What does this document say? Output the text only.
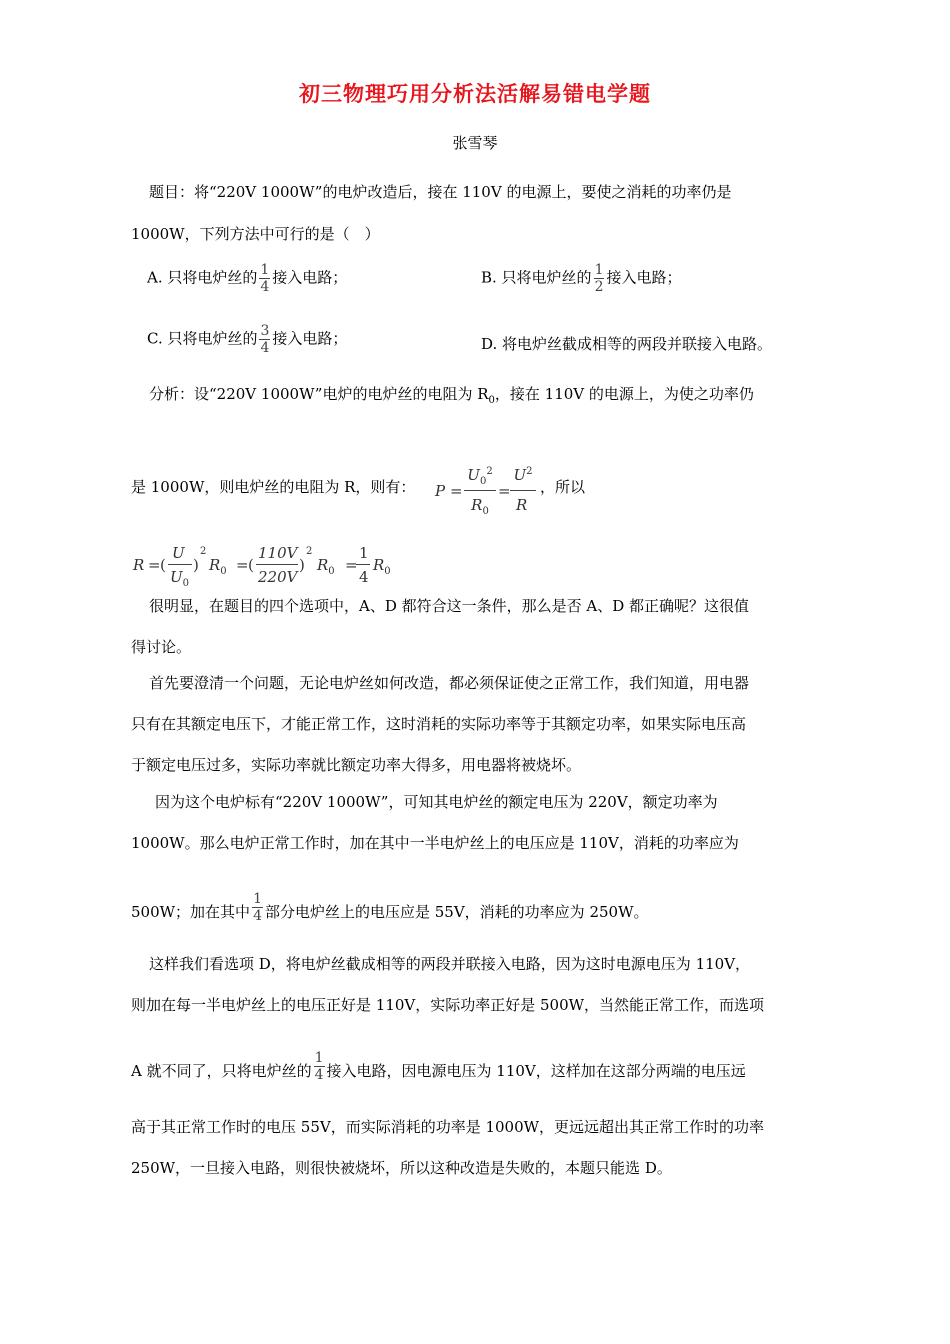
初三物理巧用分析法活解易错电学题
张雪琴
题目：将“220V 1000W”的电炉改造后，接在 110V 的电源上，要使之消耗的功率仍是
1000W，下列方法中可行的是（　）
A. 只将电炉丝的 $\frac{1}{4}$ 接入电路；	B. 只将电炉丝的 $\frac{1}{2}$ 接入电路；
C. 只将电炉丝的 $\frac{3}{4}$ 接入电路；	D. 将电炉丝截成相等的两段并联接入电路。
分析：设“220V 1000W”电炉的电炉丝的电阻为 $R_0$，接在 110V 的电源上，为使之功率仍
是 1000W，则电炉丝的电阻为 R，则有：	P =
$U_0^2$
$R_0$
=
$U^2$
R
，所以
R = (
U
$U_0$
)
2
$R_0$ = (
110V
220V
)
2
$R_0$ =
1
4
$R_0$
很明显，在题目的四个选项中，A、D 都符合这一条件，那么是否 A、D 都正确呢？这很值
得讨论。
首先要澄清一个问题，无论电炉丝如何改造，都必须保证使之正常工作，我们知道，用电器
只有在其额定电压下，才能正常工作，这时消耗的实际功率等于其额定功率，如果实际电压高
于额定电压过多，实际功率就比额定功率大得多，用电器将被烧坏。
因为这个电炉标有“220V 1000W”，可知其电炉丝的额定电压为 220V，额定功率为
1000W。那么电炉正常工作时，加在其中一半电炉丝上的电压应是 110V，消耗的功率应为
500W；加在其中 $\frac{1}{4}$ 部分电炉丝上的电压应是 55V，消耗的功率应为 250W。
这样我们看选项 D，将电炉丝截成相等的两段并联接入电路，因为这时电源电压为 110V，
则加在每一半电炉丝上的电压正好是 110V，实际功率正好是 500W，当然能正常工作，而选项
A 就不同了，只将电炉丝的 $\frac{1}{4}$ 接入电路，因电源电压为 110V，这样加在这部分两端的电压远
高于其正常工作时的电压 55V，而实际消耗的功率是 1000W，更远远超出其正常工作时的功率
250W，一旦接入电路，则很快被烧坏，所以这种改造是失败的，本题只能选 D。
